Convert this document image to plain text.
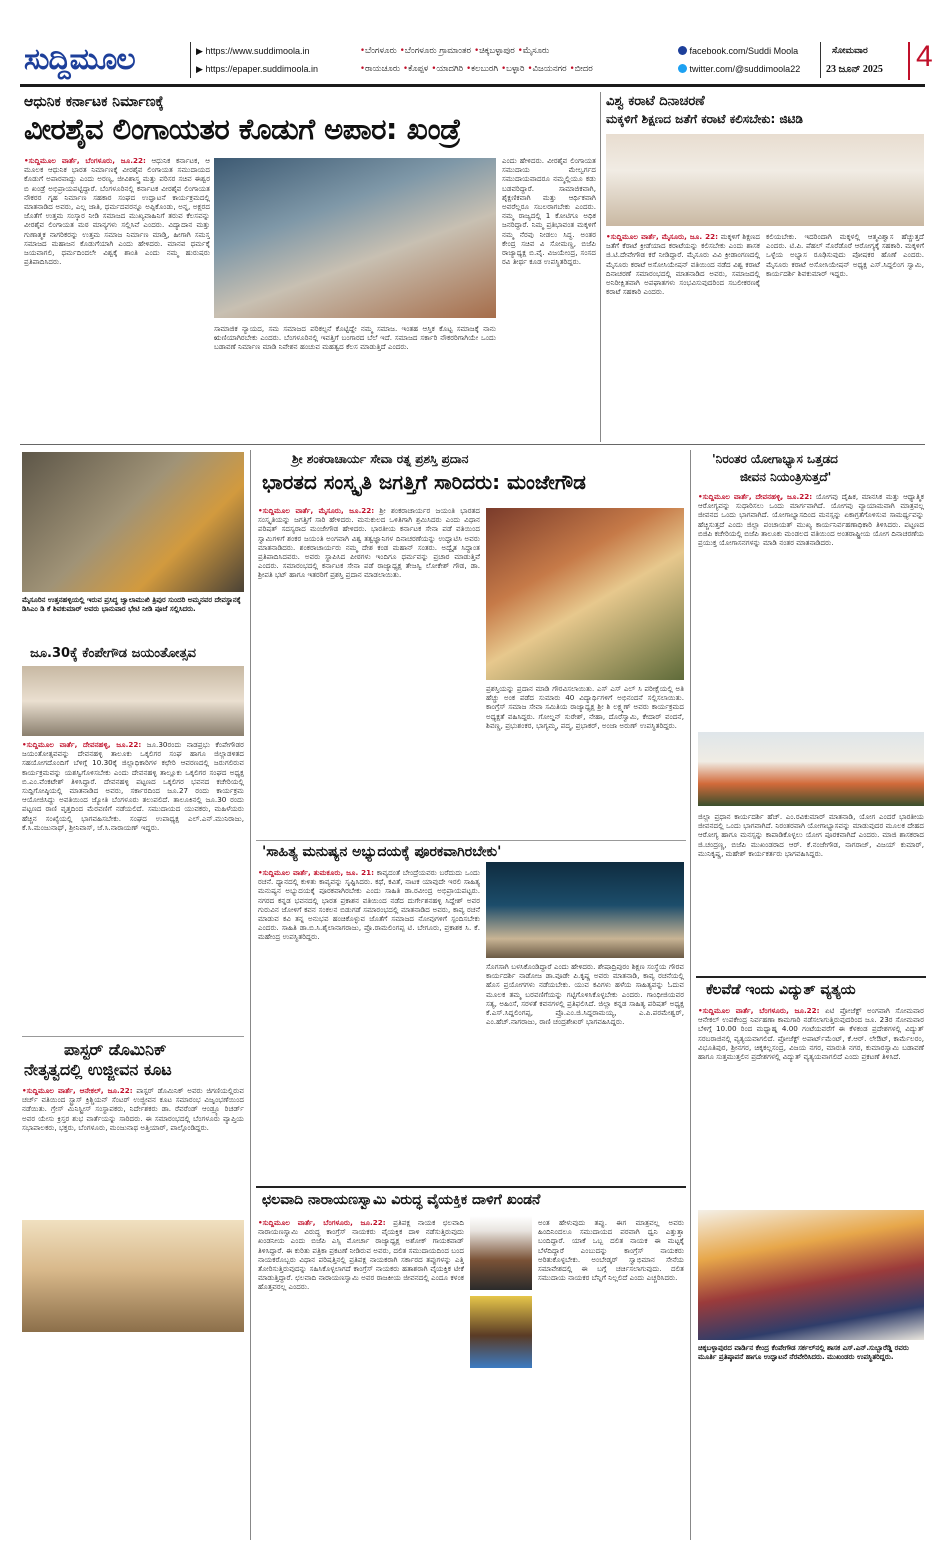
ಸುದ್ದಿಮೂಲ	▶ https://www.suddimoola.in
▶ https://epaper.suddimoola.in
•ಬೆಂಗಳೂರು •ಬೆಂಗಳೂರು ಗ್ರಾಮಾಂತರ •ಚಿಕ್ಕಬಳ್ಳಾಪುರ •ಮೈಸೂರು
•ರಾಯಚೂರು •ಕೊಪ್ಪಳ •ಯಾದಗಿರಿ •ಕಲಬುರಗಿ •ಬಳ್ಳಾರಿ •ವಿಜಯನಗರ •ಬೀದರ
facebook.com/Suddi Moola
twitter.com/@suddimoola22
ಸೋಮವಾರ
23 ಜೂನ್ 2025 4
ಆಧುನಿಕ ಕರ್ನಾಟಕ ನಿರ್ಮಾಣಕ್ಕೆ
ವೀರಶೈವ ಲಿಂಗಾಯತರ ಕೊಡುಗೆ ಅಪಾರ: ಖಂಡ್ರೆ
•ಸುದ್ದಿಮೂಲ ವಾರ್ತೆ, ಬೆಂಗಳೂರು, ಜೂ.22: ಆಧುನಿಕ ಕರ್ನಾಟಕ, ಆ ಮೂಲಕ ಆಧುನಿಕ ಭಾರತ ನಿರ್ಮಾಣಕ್ಕೆ ವೀರಶೈವ ಲಿಂಗಾಯತ ಸಮುದಾಯದ ಕೊಡುಗೆ ಅಪಾರವಾದ್ದು ಎಂದು ಅರಣ್ಯ, ಜೀವಿಶಾಸ್ತ್ರ ಮತ್ತು ಪರಿಸರ ಸಚಿವ ಈಶ್ವರ ಬಿ ಖಂಡ್ರೆ ಅಭಿಪ್ರಾಯಪಟ್ಟಿದ್ದಾರೆ. ಬೆಂಗಳೂರಿನಲ್ಲಿ ಕರ್ನಾಟಕ ವೀರಶೈವ ಲಿಂಗಾಯತ ನೌಕರರ ಗೃಹ ನಿರ್ಮಾಣ ಸಹಕಾರ ಸಂಘದ ಉದ್ಘಾಟನೆ ಕಾರ್ಯಕ್ರಮದಲ್ಲಿ ಮಾತನಾಡಿದ ಅವರು, ಎಲ್ಲ ಜಾತಿ, ಧರ್ಮದವರನ್ನೂ ಅಪ್ಪಿಕೊಂಡು, ಅನ್ನ, ಅಕ್ಷರದ ಜೊತೆಗೆ ಉತ್ತಮ ಸಂಸ್ಕಾರ ನೀಡಿ ಸಮಾಜದ ಮುಖ್ಯವಾಹಿನಿಗೆ ತರುವ ಕೆಲಸವನ್ನು ವೀರಶೈವ ಲಿಂಗಾಯತ ಮಠ ಮಾನ್ಯಗಳು ಸಲ್ಲಿಸಿವೆ ಎಂದರು. ವಿದ್ಯಾದಾನ ಮತ್ತು ಗುಣಾತ್ಮಕ ನಾಗರಿಕರನ್ನು ಉತ್ತಮ ಸಮಾಜ ನಿರ್ಮಾಣ ಮಾಡ್ತಿ, ಹೀಗಾಗಿ ಸಮಸ್ತ ಸಮಾಜದ ಮಹಾಜನ ಕೊಡುಗೆಯಾಗಿ ಎಂದು ಹೇಳಿದರು. ಮಾನವ ಧರ್ಮಕ್ಕೆ ಜಯವಾಗಲಿ, ಧರ್ಮದಿಂದಲೇ ವಿಶ್ವಕ್ಕೆ ಶಾಂತಿ ಎಂದು ನಮ್ಮ ಹುರುಷರು ಪ್ರತಿಪಾದಿಸಿದರು.
ಸಾಮಾಜಿಕ ನ್ಯಾಯದ, ಸಮ ಸಮಾಜದ ಪರಿಕಲ್ಪನೆ ಕೊಟ್ಟಿದ್ದೇ ನಮ್ಮ ಸಮಾಜ. ಇಂತಹ ಆಸ್ತಿಕ ಕೊಟ್ಟ ಸಮಾಜಕ್ಕೆ ನಾನು ಋಣಿಯಾಗಿರಬೇಕು ಎಂದರು. ಬೆಂಗಳೂರಿನಲ್ಲಿ ಇವತ್ತಿಗೆ ಬಂಗಾರದ ಬೆಲೆ ಇದೆ. ಸಮಾಜದ ಸರ್ಕಾರಿ ನೌಕರರಿಗಾಗಿಯೇ ಒಂದು ಬಡಾವಣೆ ನಿರ್ಮಾಣ ಮಾಡಿ ನಿವೇಶನ ಹಂಚುವ ಮಹತ್ವದ ಕೆಲಸ ಮಾಡುತ್ತಿದೆ ಎಂದರು.
ಎಂದು ಹೇಳಿದರು. ವೀರಶೈವ ಲಿಂಗಾಯತ ಸಮುದಾಯ ಮೇಲ್ವರ್ಗದ ಸಮುದಾಯವಾದರೂ ನಮ್ಮಲ್ಲಿಯೂ ಕಡು ಬಡವರಿದ್ದಾರೆ. ಸಾಮಾಜಿಕವಾಗಿ, ಶೈಕ್ಷಣಿಕವಾಗಿ ಮತ್ತು ಆರ್ಥಿಕವಾಗಿ ಅವರೆಲ್ಲರೂ ಸಬಲರಾಗಬೇಕು ಎಂದರು. ನಮ್ಮ ರಾಜ್ಯದಲ್ಲಿ 1 ಕೋಟಿಗೂ ಅಧಿಕ ಜನರಿದ್ದಾರೆ. ನಿಮ್ಮ ಪ್ರತಿಭಾವಂತ ಮಕ್ಕಳಿಗೆ ನಮ್ಮ ನೆರವು ನೀಡಲು ಸಿದ್ಧ. ಅಂತರ ಕೇಂದ್ರ ಸಚಿವ ವಿ ಸೋಮಣ್ಣ, ಬಿಜೆಪಿ ರಾಜ್ಯಾಧ್ಯಕ್ಷ ಬಿ.ವೈ. ವಿಜಯೇಂದ್ರ, ಸಂಸದ ರವಿ ತೀರ್ಥ ಕೂಡ ಉಪಸ್ಥಿತರಿದ್ದರು.
ವಿಶ್ವ ಕರಾಟೆ ದಿನಾಚರಣೆ
ಮಕ್ಕಳಿಗೆ ಶಿಕ್ಷಣದ ಜತೆಗೆ ಕರಾಟೆ ಕಲಿಸಬೇಕು: ಜಿಟಿಡಿ
•ಸುದ್ದಿಮೂಲ ವಾರ್ತೆ, ಮೈಸೂರು, ಜೂ. 22: ಮಕ್ಕಳಿಗೆ ಶಿಕ್ಷಣದ ಜತೆಗೆ ಕೆರಾಟೆ ಕ್ರೀಡೆಯಾದ ಕರಾಟೆಯನ್ನು ಕಲಿಸಬೇಕು ಎಂದು ಶಾಸಕ ಜಿ.ಟಿ.ದೇವೇಗೌಡ ಕರೆ ನೀಡಿದ್ದಾರೆ. ಮೈಸೂರು ವಿವಿ ಕ್ರೀಡಾಂಗಣದಲ್ಲಿ ಮೈಸೂರು ಕರಾಟೆ ಅಸೋಸಿಯೇಷನ್ ವತಿಯಿಂದ ನಡೆದ ವಿಶ್ವ ಕರಾಟೆ ದಿನಾಚರಣೆ ಸಮಾರಂಭದಲ್ಲಿ ಮಾತನಾಡಿದ ಅವರು, ಸಮಾಜದಲ್ಲಿ ಅನಿರೀಕ್ಷಿತವಾಗಿ ಅಪಘಾತಗಳು ಸಂಭವಿಸುವುದರಿಂದ ಸಬಲೀಕರಣಕ್ಕೆ ಕರಾಟೆ ಸಹಕಾರಿ ಎಂದರು.
ಕಲಿಯಬೇಕು. ಇದರಿಂದಾಗಿ ಮಕ್ಕಳಲ್ಲಿ ಆತ್ಮವಿಶ್ವಾಸ ಹೆಚ್ಚುತ್ತದೆ ಎಂದರು. ಟಿ.ಪಿ. ಪೆಹಲ್ ನೊರೆಡೊರೆ ಆರೋಗ್ಯಕ್ಕೆ ಸಹಕಾರಿ. ಮಕ್ಕಳಿಗೆ ಒಳ್ಳೆಯ ಅಭ್ಯಾಸ ರೂಢಿಸುವುದು ಪೋಷಕರ ಹೊಣೆ ಎಂದರು. ಮೈಸೂರು ಕರಾಟೆ ಅಸೋಸಿಯೇಷನ್ ಅಧ್ಯಕ್ಷ ಎಸ್.ಸಿದ್ದಲಿಂಗ ಸ್ವಾಮಿ, ಕಾರ್ಯದರ್ಶಿ ಶಿವಕುಮಾರ್ ಇದ್ದರು.
ಮೈಸೂರಿನ ಉತ್ತನಹಳ್ಳಿಯಲ್ಲಿ ಇರುವ ಪ್ರಸಿದ್ಧ ಜ್ವಾಲಾಮುಖಿ ತ್ರಿಪುರ ಸುಂದರಿ ಅಮ್ಮನವರ ದೇವಸ್ಥಾನಕ್ಕೆ ಡಿಸಿಎಂ ಡಿ ಕೆ ಶಿವಕುಮಾರ್ ಅವರು ಭಾನುವಾರ ಭೇಟಿ ನೀಡಿ ಪೂಜೆ ಸಲ್ಲಿಸಿದರು.
ಜೂ.30ಕ್ಕೆ ಕೆಂಪೇಗೌಡ ಜಯಂತೋತ್ಸವ
•ಸುದ್ದಿಮೂಲ ವಾರ್ತೆ, ದೇವನಹಳ್ಳಿ, ಜೂ.22: ಜೂ.30ರಂದು ನಾಡಪ್ರಭು ಕೆಂಪೇಗೌಡರ ಜಯಂತೋತ್ಸವವನ್ನು ದೇವನಹಳ್ಳಿ ತಾಲೂಕು ಒಕ್ಕಲಿಗರ ಸಂಘ ಹಾಗೂ ಜಿಲ್ಲಾಡಳಿತದ ಸಹಯೋಗದೊಂದಿಗೆ ಬೆಳಿಗ್ಗೆ 10.30ಕ್ಕೆ ಜಿಲ್ಲಾಧಿಕಾರಿಗಳ ಕಛೇರಿ ಆವರಣದಲ್ಲಿ ಜರುಗಲಿರುವ ಕಾರ್ಯಕ್ರಮವನ್ನು ಯಶಸ್ವಿಗೊಳಿಸಬೇಕು ಎಂದು ದೇವನಹಳ್ಳಿ ತಾಲ್ಲೂಕು ಒಕ್ಕಲಿಗರ ಸಂಘದ ಅಧ್ಯಕ್ಷ ಬಿ.ಎಂ.ವೆಂಕಟೇಶ್ ತಿಳಿಸಿದ್ದಾರೆ. ದೇವನಹಳ್ಳಿ ಪಟ್ಟಣದ ಒಕ್ಕಲಿಗರ ಭವನದ ಕಚೇರಿಯಲ್ಲಿ ಸುದ್ದಿಗೋಷ್ಠಿಯಲ್ಲಿ ಮಾತನಾಡಿದ ಅವರು, ಸರ್ಕಾರದಿಂದ ಜೂ.27 ರಂದು ಕಾರ್ಯಕ್ರಮ ಆಯೋಜಿಸಿದ್ದು ಅವತಿಯಿಂದ ಜ್ಯೋತಿ ಬೆಂಗಳೂರು ತಲುಪಲಿದೆ. ತಾಲೂಕಿನಲ್ಲಿ ಜೂ.30 ರಂದು ಪಟ್ಟಣದ ರಾಣಿ ವೃತ್ತದಿಂದ ಮೆರವಣಿಗೆ ನಡೆಯಲಿದೆ. ಸಮುದಾಯದ ಯುವಕರು, ಮಹಿಳೆಯರು ಹೆಚ್ಚಿನ ಸಂಖ್ಯೆಯಲ್ಲಿ ಭಾಗವಹಿಸಬೇಕು. ಸಂಘದ ಉಪಾಧ್ಯಕ್ಷ ಎಲ್.ಎನ್.ಮುನಿರಾಜು, ಕೆ.ಸಿ.ಮಂಜುನಾಥ್, ಶ್ರೀನಿವಾಸ್, ಜೆ.ಸಿ.ನಾರಾಯಣ್ ಇದ್ದರು.
ಪಾಸ್ಟರ್ ಡೊಮಿನಿಕ್
ನೇತೃತ್ವದಲ್ಲಿ ಉಜ್ಜೀವನ ಕೂಟ
•ಸುದ್ದಿಮೂಲ ವಾರ್ತೆ, ಆನೇಕಲ್, ಜೂ.22: ಪಾಸ್ಟರ್ ಡೊಮಿನಿಕ್ ಅವರು ಜಿಗಣಿಯಲ್ಲಿರುವ ಚರ್ಚ್ ವತಿಯಿಂದ ಸ್ಟ್ರಾಸ್ ಕ್ರಿಶ್ಚಿಯನ್ ಸೆಂಟರ್ ಉಜ್ಜೀವನ ಕೂಟ ಸಮಾರಂಭ ವಿಜೃಂಭಣೆಯಿಂದ ನಡೆಯಿತು. ಗ್ರೇಸ್ ಮಿನಿಸ್ಟ್ರೀಸ್ ಸಂಸ್ಥಾಪಕರು, ನಿರ್ದೇಶಕರು ಡಾ. ರೆವರೆಂಡ್ ಆಂಡ್ರ್ಯೂ ರಿಚರ್ಡ್ ಅವರ ಯೇಸು ಕ್ರಿಸ್ತರ ಶುಭ ವಾರ್ತೆಯನ್ನು ಸಾರಿದರು. ಈ ಸಮಾರಂಭದಲ್ಲಿ ಬೆಂಗಳೂರು ವ್ಯಾಪ್ತಿಯ ಸಭಾಪಾಲಕರು, ಭಕ್ತರು, ಬೆಂಗಳೂರು, ಮಂಜುನಾಥ ಅತ್ತಿಯಾರ್, ಪಾಲ್ಗೊಂಡಿದ್ದರು.
ಶ್ರೀ ಶಂಕರಾಚಾರ್ಯ ಸೇವಾ ರತ್ನ ಪ್ರಶಸ್ತಿ ಪ್ರದಾನ
ಭಾರತದ ಸಂಸ್ಕೃತಿ ಜಗತ್ತಿಗೆ ಸಾರಿದರು: ಮಂಜೇಗೌಡ
•ಸುದ್ದಿಮೂಲ ವಾರ್ತೆ, ಮೈಸೂರು, ಜೂ.22: ಶ್ರೀ ಶಂಕರಾಚಾರ್ಯರ ಜಯಂತಿ ಭಾರತದ ಸಂಸ್ಕೃತಿಯನ್ನು ಜಗತ್ತಿಗೆ ಸಾರಿ ಹೇಳಿದರು. ಮನುಕುಲದ ಒಳಿತಿಗಾಗಿ ಶ್ರಮಿಸಿದರು ಎಂದು ವಿಧಾನ ಪರಿಷತ್ ಸದಸ್ಯರಾದ ಮಂಜೇಗೌಡ ಹೇಳಿದರು. ಭಾರತೀಯ ಕರ್ನಾಟಕ ಸೇನಾ ಪಡೆ ವತಿಯಿಂದ ಸ್ವಾಮಿಗಳಿಗೆ ಶಂಕರ ಜಯಂತಿ ಅಂಗವಾಗಿ ವಿಶ್ವ ತತ್ವಜ್ಞಾನಿಗಳ ದಿನಾಚರಣೆಯನ್ನು ಉದ್ಘಾಟಿಸಿ ಅವರು ಮಾತನಾಡಿದರು. ಶಂಕರಾಚಾರ್ಯರು ನಮ್ಮ ದೇಶ ಕಂಡ ಮಹಾನ್ ಸಂತರು. ಅದ್ವೈತ ಸಿದ್ಧಾಂತ ಪ್ರತಿಪಾದಿಸಿದವರು. ಅವರು ಸ್ಥಾಪಿಸಿದ ಪೀಠಗಳು ಇಂದಿಗೂ ಧರ್ಮವನ್ನು ಪ್ರಚಾರ ಮಾಡುತ್ತಿವೆ ಎಂದರು. ಸಮಾರಂಭದಲ್ಲಿ ಕರ್ನಾಟಕ ಸೇನಾ ಪಡೆ ರಾಜ್ಯಾಧ್ಯಕ್ಷ ತೇಜಸ್ವಿ ಲೋಕೇಶ್ ಗೌಡ, ಡಾ. ಶ್ರೀಪತಿ ಭಟ್ ಹಾಗೂ ಇತರರಿಗೆ ಪ್ರಶಸ್ತಿ ಪ್ರದಾನ ಮಾಡಲಾಯಿತು.
ಪ್ರಶಸ್ತಿಯನ್ನು ಪ್ರದಾನ ಮಾಡಿ ಗೌರವಿಸಲಾಯಿತು. ಎಸ್ ಎಸ್ ಎಲ್ ಸಿ ಪರೀಕ್ಷೆಯಲ್ಲಿ ಅತಿ ಹೆಚ್ಚು ಅಂಕ ಪಡೆದ ಸುಮಾರು 40 ವಿದ್ಯಾರ್ಥಿಗಳಿಗೆ ಅಭಿನಂದನೆ ಸಲ್ಲಿಸಲಾಯಿತು. ಕಾಂಗ್ರೆಸ್ ಸಮಾಜ ಸೇವಾ ಸಮಿತಿಯ ರಾಜ್ಯಾಧ್ಯಕ್ಷ ಶ್ರೀ ಶಿ ಲಕ್ಷ್ಮಣ್ ಅವರು ಕಾರ್ಯಕ್ರಮದ ಅಧ್ಯಕ್ಷತೆ ವಹಿಸಿದ್ದರು. ಗೋಲ್ಡನ್ ಸುರೇಶ್, ನೇಹಾ, ದೊರೆಸ್ವಾಮಿ, ಕೇದಾರ್ ವಂದನೆ, ಶಿವಣ್ಣ, ಪ್ರಭುಶಂಕರ, ಭಾಗ್ಯಮ್ಮ, ಪದ್ಮ, ಪ್ರಭಾಕರ್, ಅಂಜಾ ಅರುಣ್ ಉಪಸ್ಥಿತರಿದ್ದರು.
'ಸಾಹಿತ್ಯ ಮನುಷ್ಯನ ಅಭ್ಯುದಯಕ್ಕೆ ಪೂರಕವಾಗಿರಬೇಕು'
•ಸುದ್ದಿಮೂಲ ವಾರ್ತೆ, ತುಮಕೂರು, ಜೂ. 21: ಕಾವ್ಯದಂತೆ ಬೇಂದ್ರೆಯವರು ಬರೆದುದು ಒಂದು ರಚನೆ. ಧ್ಯಾನದಲ್ಲಿ ಕುಳಿತು ಕಾವ್ಯವನ್ನು ಸೃಷ್ಟಿಸಿದರು. ಕಥೆ, ಕವಿತೆ, ನಾಟಕ ಯಾವುದೇ ಇರಲಿ ಸಾಹಿತ್ಯ ಮನುಷ್ಯನ ಅಭ್ಯುದಯಕ್ಕೆ ಪೂರಕವಾಗಿರಬೇಕು ಎಂದು ಸಾಹಿತಿ ಡಾ.ರವೀಂದ್ರ ಅಭಿಪ್ರಾಯಪಟ್ಟರು. ನಗರದ ಕನ್ನಡ ಭವನದಲ್ಲಿ ಭಾರತ ಪ್ರಕಾಶನ ವತಿಯಿಂದ ನಡೆದ ದುರ್ಗೇಶನಹಳ್ಳಿ ಸಿದ್ದೇಶ್ ಅವರ ಗುರುವಿನ ಜೋಳಿಗೆ ಕವನ ಸಂಕಲನ ಬಿಡುಗಡೆ ಸಮಾರಂಭದಲ್ಲಿ ಮಾತನಾಡಿದ ಅವರು, ಕಾವ್ಯ ರಚನೆ ಮಾಡುವ ಕವಿ ತನ್ನ ಅನುಭವ ಹಂಚಿಕೊಳ್ಳುವ ಜೊತೆಗೆ ಸಮಾಜದ ನೋವುಗಳಿಗೆ ಸ್ಪಂದಿಸಬೇಕು ಎಂದರು. ಸಾಹಿತಿ ಡಾ.ಬಿ.ಸಿ.ಶೈಲಾನಾಗರಾಜು, ಪ್ರೊ.ರಾಮಲಿಂಗಪ್ಪ ಟಿ. ಬೇಗೂರು, ಪ್ರಕಾಶಕ ಸಿ. ಕೆ. ಮಹೇಂದ್ರ ಉಪಸ್ಥಿತರಿದ್ದರು.
ಸೊಗಸಾಗಿ ಬಳಸಿಕೊಂಡಿದ್ದಾರೆ ಎಂದು ಹೇಳಿದರು. ಶೇಷಾದ್ರಿಪುರಂ ಶಿಕ್ಷಣ ಸಂಸ್ಥೆಯ ಗೌರವ ಕಾರ್ಯದರ್ಶಿ ನಾಡೋಜ ಡಾ.ವೂಡೇ ಪಿ.ಕೃಷ್ಣ ಅವರು ಮಾತನಾಡಿ, ಕಾವ್ಯ ರಚನೆಯಲ್ಲಿ ಹೊಸ ಪ್ರಯೋಗಗಳು ನಡೆಯಬೇಕು. ಯುವ ಕವಿಗಳು ಹಳೆಯ ಸಾಹಿತ್ಯವನ್ನು ಓದುವ ಮೂಲಕ ತಮ್ಮ ಬರವಣಿಗೆಯನ್ನು ಗಟ್ಟಿಗೊಳಿಸಿಕೊಳ್ಳಬೇಕು ಎಂದರು. ಗಾಂಧೀಜಿಯವರ ಸತ್ಯ, ಅಹಿಂಸೆ, ಸರಳತೆ ಕವನಗಳಲ್ಲಿ ಪ್ರತಿಫಲಿಸಿದೆ. ಜಿಲ್ಲಾ ಕನ್ನಡ ಸಾಹಿತ್ಯ ಪರಿಷತ್ ಅಧ್ಯಕ್ಷ ಕೆ.ಎಸ್.ಸಿದ್ದಲಿಂಗಪ್ಪ, ಪ್ರೊ.ಎಂ.ಜಿ.ಸಿದ್ದರಾಮಯ್ಯ, ಎ.ಪಿ.ಪರಮೇಶ್ವರ್, ಎಂ.ಹೆಚ್.ನಾಗರಾಜು, ರಾಣಿ ಚಂದ್ರಶೇಖರ್ ಭಾಗವಹಿಸಿದ್ದರು.
ಛಲವಾದಿ ನಾರಾಯಣಸ್ವಾಮಿ ವಿರುದ್ಧ ವೈಯಕ್ತಿಕ ದಾಳಿಗೆ ಖಂಡನೆ
•ಸುದ್ದಿಮೂಲ ವಾರ್ತೆ, ಬೆಂಗಳೂರು, ಜೂ.22: ಪ್ರತಿಪಕ್ಷ ನಾಯಕ ಛಲವಾದಿ ನಾರಾಯಣಸ್ವಾಮಿ ವಿರುದ್ಧ ಕಾಂಗ್ರೆಸ್ ನಾಯಕರು ವೈಯಕ್ತಿಕ ದಾಳಿ ನಡೆಸುತ್ತಿರುವುದು ಖಂಡನೀಯ ಎಂದು ಬಿಜೆಪಿ ಎಸ್ಸಿ ಮೋರ್ಚಾ ರಾಜ್ಯಾಧ್ಯಕ್ಷ ಅಶೋಕ್ ಗಾಯಕವಾಡ್ ತಿಳಿಸಿದ್ದಾರೆ. ಈ ಕುರಿತು ಪತ್ರಿಕಾ ಪ್ರಕಟಣೆ ನೀಡಿರುವ ಅವರು, ದಲಿತ ಸಮುದಾಯದಿಂದ ಬಂದ ನಾಯಕರೊಬ್ಬರು ವಿಧಾನ ಪರಿಷತ್ತಿನಲ್ಲಿ ಪ್ರತಿಪಕ್ಷ ನಾಯಕರಾಗಿ ಸರ್ಕಾರದ ತಪ್ಪುಗಳನ್ನು ಎತ್ತಿ ತೋರಿಸುತ್ತಿರುವುದನ್ನು ಸಹಿಸಿಕೊಳ್ಳಲಾಗದೆ ಕಾಂಗ್ರೆಸ್ ನಾಯಕರು ಹತಾಶರಾಗಿ ವೈಯಕ್ತಿಕ ಟೀಕೆ ಮಾಡುತ್ತಿದ್ದಾರೆ. ಛಲವಾದಿ ನಾರಾಯಣಸ್ವಾಮಿ ಅವರ ರಾಜಕೀಯ ಜೀವನದಲ್ಲಿ ಎಂದೂ ಕಳಂಕ ಹೊತ್ತವರಲ್ಲ ಎಂದರು.
ಅಂತ ಹೇಳುವುದು ತಪ್ಪು. ಈಗ ಮಾತ್ರವಲ್ಲ ಅವರು ಹಿಂದಿನಿಂದಲೂ ಸಮುದಾಯದ ಪರವಾಗಿ ಧ್ವನಿ ಎತ್ತುತ್ತಾ ಬಂದಿದ್ದಾರೆ. ಯಾಕೆ ಒಬ್ಬ ದಲಿತ ನಾಯಕ ಈ ಮಟ್ಟಕ್ಕೆ ಬೆಳೆದಿದ್ದಾರೆ ಎಂಬುದನ್ನು ಕಾಂಗ್ರೆಸ್ ನಾಯಕರು ಅರಿತುಕೊಳ್ಳಬೇಕು. ಅಂಬೇಡ್ಕರ್ ಸ್ವಾಭಿಮಾನ ಸೇನೆಯ ಸಮಾವೇಶದಲ್ಲಿ ಈ ಬಗ್ಗೆ ಚರ್ಚಿಸಲಾಗುವುದು. ದಲಿತ ಸಮುದಾಯ ನಾಯಕರ ಬೆನ್ನಿಗೆ ನಿಲ್ಲಲಿದೆ ಎಂದು ಎಚ್ಚರಿಸಿದರು.
'ನಿರಂತರ ಯೋಗಾಭ್ಯಾಸ ಒತ್ತಡದ
ಜೀವನ ನಿಯಂತ್ರಿಸುತ್ತದೆ'
•ಸುದ್ದಿಮೂಲ ವಾರ್ತೆ, ದೇವನಹಳ್ಳಿ, ಜೂ.22: ಯೋಗವು ದೈಹಿಕ, ಮಾನಸಿಕ ಮತ್ತು ಆಧ್ಯಾತ್ಮಿಕ ಆರೋಗ್ಯವನ್ನು ಸುಧಾರಿಸಲು ಒಂದು ಮಾರ್ಗವಾಗಿದೆ. ಯೋಗವು ವ್ಯಾಯಾಮವಾಗಿ ಮಾತ್ರವಲ್ಲ ಜೀವನದ ಒಂದು ಭಾಗವಾಗಿದೆ. ಯೋಗಾಭ್ಯಾಸದಿಂದ ಮನಸ್ಸನ್ನು ಏಕಾಗ್ರತೆಗೊಳಿಸುವ ಸಾಮರ್ಥ್ಯವನ್ನು ಹೆಚ್ಚಿಸುತ್ತದೆ ಎಂದು ಜಿಲ್ಲಾ ಪಂಚಾಯತ್ ಮುಖ್ಯ ಕಾರ್ಯನಿರ್ವಹಣಾಧಿಕಾರಿ ತಿಳಿಸಿದರು. ಪಟ್ಟಣದ ಬಿಜಿಪಿ ಕಚೇರಿಯಲ್ಲಿ ಬಿಜೆಪಿ ತಾಲೂಕು ಮಂಡಲದ ವತಿಯಿಂದ ಅಂತರಾಷ್ಟ್ರೀಯ ಯೋಗ ದಿನಾಚರಣೆಯ ಪ್ರಯುಕ್ತ ಯೋಗಾಸನಗಳನ್ನು ಮಾಡಿ ನಂತರ ಮಾತನಾಡಿದರು.
ಜಿಲ್ಲಾ ಪ್ರಧಾನ ಕಾರ್ಯದರ್ಶಿ ಹೆಚ್. ಎಂ.ರವಿಕುಮಾರ್ ಮಾತನಾಡಿ, ಯೋಗ ಎಂದರೆ ಭಾರತೀಯ ಜೀವನದಲ್ಲಿ ಒಂದು ಭಾಗವಾಗಿದೆ. ನಿರಂತರವಾಗಿ ಯೋಗಾಭ್ಯಾಸವನ್ನು ಮಾಡುವುದರ ಮೂಲಕ ದೇಹದ ಆರೋಗ್ಯ ಹಾಗೂ ಮನಸ್ಸನ್ನು ಕಾಪಾಡಿಕೊಳ್ಳಲು ಯೋಗ ಪೂರಕವಾಗಿದೆ ಎಂದರು. ಮಾಜಿ ಶಾಸಕರಾದ ಜಿ.ಚಂದ್ರಣ್ಣ, ಬಿಜೆಪಿ ಮುಖಂಡರಾದ ಆರ್. ಕೆ.ನಂಜೇಗೌಡ, ನಾಗರಾಜ್, ವಿಜಯ್ ಕುಮಾರ್, ಮುನಿಕೃಷ್ಣ, ಮಹೇಶ್ ಕಾರ್ಯಕರ್ತರು ಭಾಗವಹಿಸಿದ್ದರು.
ಕೆಲವೆಡೆ ಇಂದು ವಿದ್ಯುತ್ ವ್ಯತ್ಯಯ
•ಸುದ್ದಿಮೂಲ ವಾರ್ತೆ, ಬೆಂಗಳೂರು, ಜೂ.22: ಏಟಿ ಪ್ರೋಜೆಕ್ಟ್ ಅಂಗವಾಗಿ ಸೋಮವಾರ ಆನೇಕಲ್ ಉಪಕೇಂದ್ರ ನಿರ್ವಹಣಾ ಕಾಮಗಾರಿ ನಡೆಸಲಾಗುತ್ತಿರುವುದರಿಂದ ಜೂ. 23ರ ಸೋಮವಾರ ಬೆಳಿಗ್ಗೆ 10.00 ರಿಂದ ಮಧ್ಯಾಹ್ನ 4.00 ಗಂಟೆಯವರೆಗೆ ಈ ಕೆಳಕಂಡ ಪ್ರದೇಶಗಳಲ್ಲಿ ವಿದ್ಯುತ್ ಸರಬರಾಜಿನಲ್ಲಿ ವ್ಯತ್ಯಯವಾಗಲಿದೆ. ಪ್ರೋಜೆಕ್ಟ್ ಅಪಾರ್ಟ್‌ಮೆಂಟ್, ಕೆ.ಆರ್. ಲೇಔಟ್, ಕಾರ್ಮೆಲರಂ, ವಿಭೂತಿಪುರ, ಶ್ರೀನಗರ, ಚಿಕ್ಕಕಲ್ಲಸಂದ್ರ, ವಿಜಯ ನಗರ, ಮಾರುತಿ ನಗರ, ಕುಮಾರಸ್ವಾಮಿ ಬಡಾವಣೆ ಹಾಗೂ ಸುತ್ತಮುತ್ತಲಿನ ಪ್ರದೇಶಗಳಲ್ಲಿ ವಿದ್ಯುತ್ ವ್ಯತ್ಯಯವಾಗಲಿದೆ ಎಂದು ಪ್ರಕಟಣೆ ತಿಳಿಸಿದೆ.
ಚಿಕ್ಕಬಳ್ಳಾಪುರದ ವಾರ್ಡಿನ ಕೇಂದ್ರ ಕೆಂಪೇಗೌಡ ಸರ್ಕಲ್‌ನಲ್ಲಿ ಶಾಸಕ ಎಸ್.ಎನ್.ಸುಬ್ಬಾರೆಡ್ಡಿ ರವರು ಮೂರ್ತಿ ಪ್ರತಿಷ್ಠಾಪನೆ ಹಾಗೂ ಉದ್ಘಾಟನೆ ನೆರವೇರಿಸಿದರು. ಮುಖಂಡರು ಉಪಸ್ಥಿತರಿದ್ದರು.
